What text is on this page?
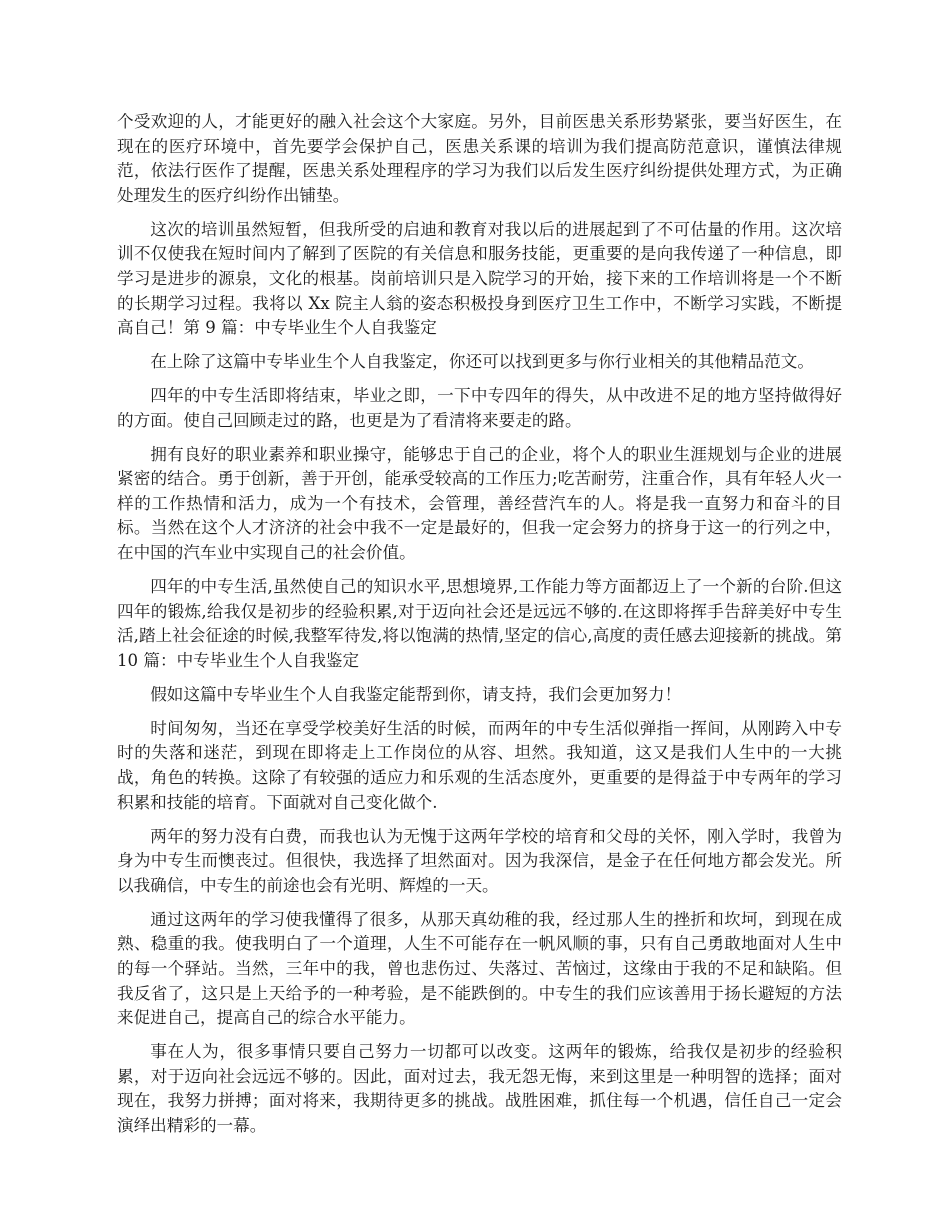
个受欢迎的人，才能更好的融入社会这个大家庭。另外，目前医患关系形势紧张，要当好医生，在现在的医疗环境中，首先要学会保护自己，医患关系课的培训为我们提高防范意识，谨慎法律规范，依法行医作了提醒，医患关系处理程序的学习为我们以后发生医疗纠纷提供处理方式，为正确处理发生的医疗纠纷作出铺垫。

这次的培训虽然短暂，但我所受的启迪和教育对我以后的进展起到了不可估量的作用。这次培训不仅使我在短时间内了解到了医院的有关信息和服务技能，更重要的是向我传递了一种信息，即学习是进步的源泉，文化的根基。岗前培训只是入院学习的开始，接下来的工作培训将是一个不断的长期学习过程。我将以 Xx 院主人翁的姿态积极投身到医疗卫生工作中，不断学习实践，不断提高自己！第 9 篇：中专毕业生个人自我鉴定

在上除了这篇中专毕业生个人自我鉴定，你还可以找到更多与你行业相关的其他精品范文。

四年的中专生活即将结束，毕业之即，一下中专四年的得失，从中改进不足的地方坚持做得好的方面。使自己回顾走过的路，也更是为了看清将来要走的路。

拥有良好的职业素养和职业操守，能够忠于自己的企业，将个人的职业生涯规划与企业的进展紧密的结合。勇于创新，善于开创，能承受较高的工作压力;吃苦耐劳，注重合作，具有年轻人火一样的工作热情和活力，成为一个有技术，会管理，善经营汽车的人。将是我一直努力和奋斗的目标。当然在这个人才济济的社会中我不一定是最好的，但我一定会努力的挤身于这一的行列之中，在中国的汽车业中实现自己的社会价值。

四年的中专生活,虽然使自己的知识水平,思想境界,工作能力等方面都迈上了一个新的台阶.但这四年的锻炼,给我仅是初步的经验积累,对于迈向社会还是远远不够的.在这即将挥手告辞美好中专生活,踏上社会征途的时候,我整军待发,将以饱满的热情,坚定的信心,高度的责任感去迎接新的挑战。第 10 篇：中专毕业生个人自我鉴定

假如这篇中专毕业生个人自我鉴定能帮到你，请支持，我们会更加努力！

时间匆匆，当还在享受学校美好生活的时候，而两年的中专生活似弹指一挥间，从刚跨入中专时的失落和迷茫，到现在即将走上工作岗位的从容、坦然。我知道，这又是我们人生中的一大挑战，角色的转换。这除了有较强的适应力和乐观的生活态度外，更重要的是得益于中专两年的学习积累和技能的培育。下面就对自己变化做个.

两年的努力没有白费，而我也认为无愧于这两年学校的培育和父母的关怀，刚入学时，我曾为身为中专生而懊丧过。但很快，我选择了坦然面对。因为我深信，是金子在任何地方都会发光。所以我确信，中专生的前途也会有光明、辉煌的一天。

通过这两年的学习使我懂得了很多，从那天真幼稚的我，经过那人生的挫折和坎坷，到现在成熟、稳重的我。使我明白了一个道理，人生不可能存在一帆风顺的事，只有自己勇敢地面对人生中的每一个驿站。当然，三年中的我，曾也悲伤过、失落过、苦恼过，这缘由于我的不足和缺陷。但我反省了，这只是上天给予的一种考验，是不能跌倒的。中专生的我们应该善用于扬长避短的方法来促进自己，提高自己的综合水平能力。

事在人为，很多事情只要自己努力一切都可以改变。这两年的锻炼，给我仅是初步的经验积累，对于迈向社会远远不够的。因此，面对过去，我无怨无悔，来到这里是一种明智的选择；面对现在，我努力拼搏；面对将来，我期待更多的挑战。战胜困难，抓住每一个机遇，信任自己一定会演绎出精彩的一幕。
